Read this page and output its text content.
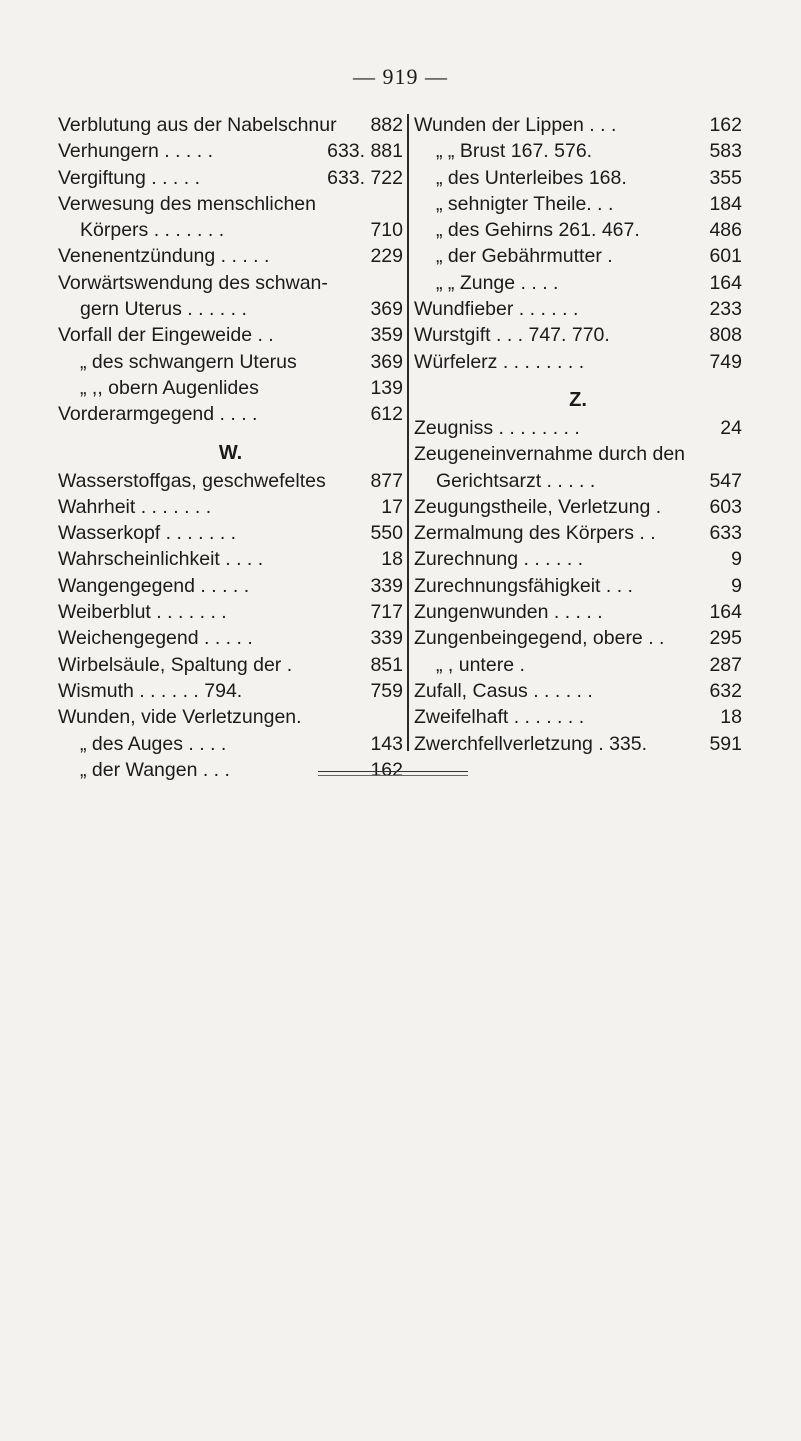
— 919 —
Verblutung aus der Nabelschnur 882
Verhungern . . . . .	633. 881
Vergiftung . . . . .	633. 722
Verwesung des menschlichen
Körpers . . . . . . .	710
Venenentzündung . . . . .	229
Vorwärtswendung des schwan-
gern Uterus . . . . . .	369
Vorfall der Eingeweide . .	359
„ des schwangern Uterus	369
„ ,, obern Augenlides	139
Vorderarmgegend . . . .	612
W.
Wasserstoffgas, geschwefeltes 877
Wahrheit . . . . . . .	17
Wasserkopf . . . . . . .	550
Wahrscheinlichkeit . . . .	18
Wangengegend . . . . .	339
Weiberblut . . . . . . .	717
Weichengegend . . . . .	339
Wirbelsäule, Spaltung der .	851
Wismuth . . . . . . 794.	759
Wunden, vide Verletzungen.
„ des Auges . . . .	143
„ der Wangen . . .	162
Wunden der Lippen . . .	162
„ „ Brust 167. 576.	583
„ des Unterleibes 168.	355
„ sehnigter Theile. . .	184
„ des Gehirns 261. 467.	486
„ der Gebährmutter .	601
„ „ Zunge . . . .	164
Wundfieber . . . . . .	233
Wurstgift . . . 747. 770.	808
Würfelerz . . . . . . . .	749
Z.
Zeugniss . . . . . . . .	24
Zeugeneinvernahme durch den
Gerichtsarzt . . . . .	547
Zeugungstheile, Verletzung . 603
Zermalmung des Körpers . .	633
Zurechnung . . . . . .	9
Zurechnungsfähigkeit . . .	9
Zungenwunden . . . . .	164
Zungenbeingegend, obere . . 295
„ , untere .	287
Zufall, Casus . . . . . .	632
Zweifelhaft . . . . . . .	18
Zwerchfellverletzung . 335.	591
